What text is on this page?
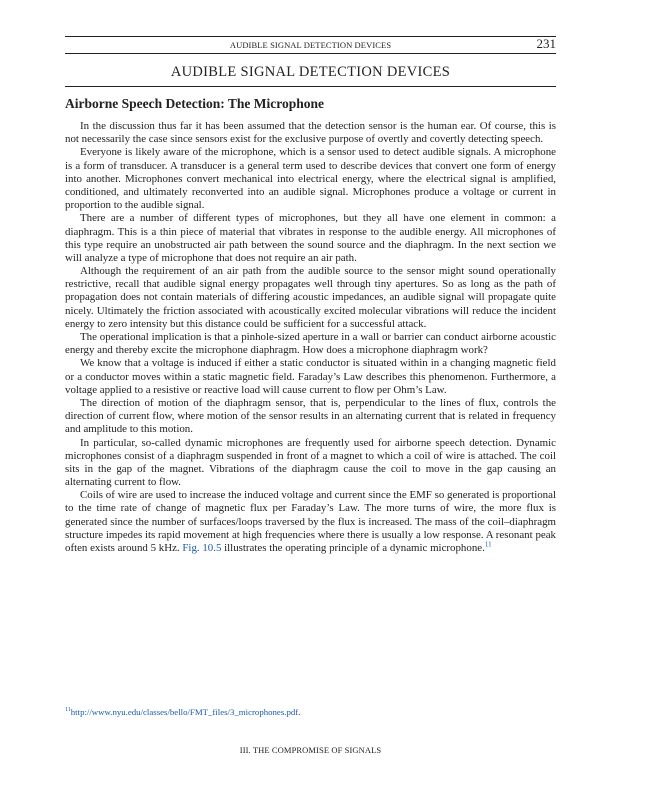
AUDIBLE SIGNAL DETECTION DEVICES	231
AUDIBLE SIGNAL DETECTION DEVICES
Airborne Speech Detection: The Microphone

In the discussion thus far it has been assumed that the detection sensor is the human ear. Of course, this is not necessarily the case since sensors exist for the exclusive purpose of overtly and covertly detecting speech.

Everyone is likely aware of the microphone, which is a sensor used to detect audible signals. A microphone is a form of transducer. A transducer is a general term used to describe devices that convert one form of energy into another. Microphones convert mechanical into electrical energy, where the electrical signal is amplified, conditioned, and ultimately reconverted into an audible signal. Microphones produce a voltage or current in proportion to the audible signal.

There are a number of different types of microphones, but they all have one element in common: a diaphragm. This is a thin piece of material that vibrates in response to the audible energy. All microphones of this type require an unobstructed air path between the sound source and the diaphragm. In the next section we will analyze a type of microphone that does not require an air path.

Although the requirement of an air path from the audible source to the sensor might sound operationally restrictive, recall that audible signal energy propagates well through tiny apertures. So as long as the path of propagation does not contain materials of differing acoustic impedances, an audible signal will propagate quite nicely. Ultimately the friction associated with acoustically excited molecular vibrations will reduce the incident energy to zero intensity but this distance could be sufficient for a successful attack.

The operational implication is that a pinhole-sized aperture in a wall or barrier can conduct airborne acoustic energy and thereby excite the microphone diaphragm. How does a microphone diaphragm work?

We know that a voltage is induced if either a static conductor is situated within in a changing magnetic field or a conductor moves within a static magnetic field. Faraday’s Law describes this phenomenon. Furthermore, a voltage applied to a resistive or reactive load will cause current to flow per Ohm’s Law.

The direction of motion of the diaphragm sensor, that is, perpendicular to the lines of flux, controls the direction of current flow, where motion of the sensor results in an alternating current that is related in frequency and amplitude to this motion.

In particular, so-called dynamic microphones are frequently used for airborne speech detection. Dynamic microphones consist of a diaphragm suspended in front of a magnet to which a coil of wire is attached. The coil sits in the gap of the magnet. Vibrations of the diaphragm cause the coil to move in the gap causing an alternating current to flow.

Coils of wire are used to increase the induced voltage and current since the EMF so generated is proportional to the time rate of change of magnetic flux per Faraday’s Law. The more turns of wire, the more flux is generated since the number of surfaces/loops traversed by the flux is increased. The mass of the coil–diaphragm structure impedes its rapid movement at high frequencies where there is usually a low response. A resonant peak often exists around 5 kHz. Fig. 10.5 illustrates the operating principle of a dynamic microphone.$^{11}$

$^{11}$http://www.nyu.edu/classes/bello/FMT_files/3_microphones.pdf.
III. THE COMPROMISE OF SIGNALS
